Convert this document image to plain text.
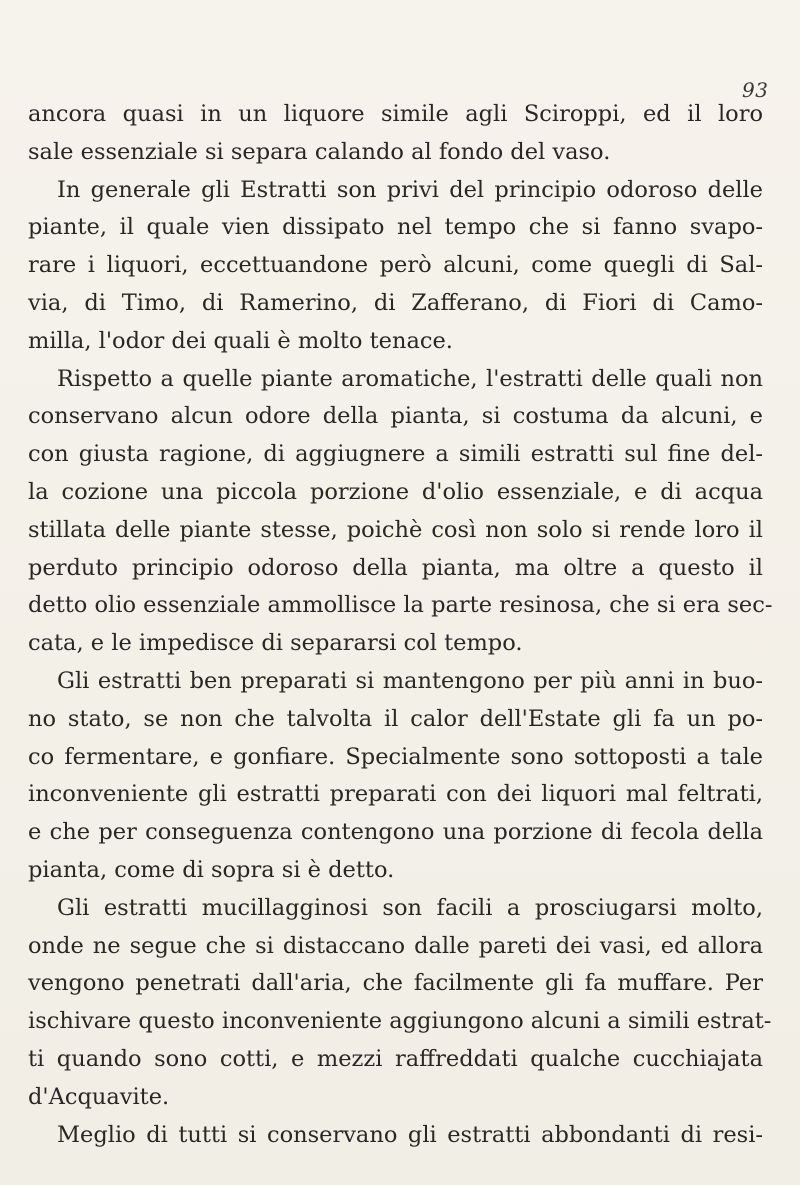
93
ancora quasi in un liquore simile agli Sciroppi, ed il loro
sale essenziale si separa calando al fondo del vaso.
In generale gli Estratti son privi del principio odoroso delle
piante, il quale vien dissipato nel tempo che si fanno svapo-
rare i liquori, eccettuandone però alcuni, come quegli di Sal-
via, di Timo, di Ramerino, di Zafferano, di Fiori di Camo-
milla, l'odor dei quali è molto tenace.
Rispetto a quelle piante aromatiche, l'estratti delle quali non
conservano alcun odore della pianta, si costuma da alcuni, e
con giusta ragione, di aggiugnere a simili estratti sul fine del-
la cozione una piccola porzione d'olio essenziale, e di acqua
stillata delle piante stesse, poichè così non solo si rende loro il
perduto principio odoroso della pianta, ma oltre a questo il
detto olio essenziale ammollisce la parte resinosa, che si era sec-
cata, e le impedisce di separarsi col tempo.
Gli estratti ben preparati si mantengono per più anni in buo-
no stato, se non che talvolta il calor dell'Estate gli fa un po-
co fermentare, e gonfiare. Specialmente sono sottoposti a tale
inconveniente gli estratti preparati con dei liquori mal feltrati,
e che per conseguenza contengono una porzione di fecola della
pianta, come di sopra si è detto.
Gli estratti mucillagginosi son facili a prosciugarsi molto,
onde ne segue che si distaccano dalle pareti dei vasi, ed allora
vengono penetrati dall'aria, che facilmente gli fa muffare. Per
ischivare questo inconveniente aggiungono alcuni a simili estrat-
ti quando sono cotti, e mezzi raffreddati qualche cucchiajata
d'Acquavite.
Meglio di tutti si conservano gli estratti abbondanti di resi-
